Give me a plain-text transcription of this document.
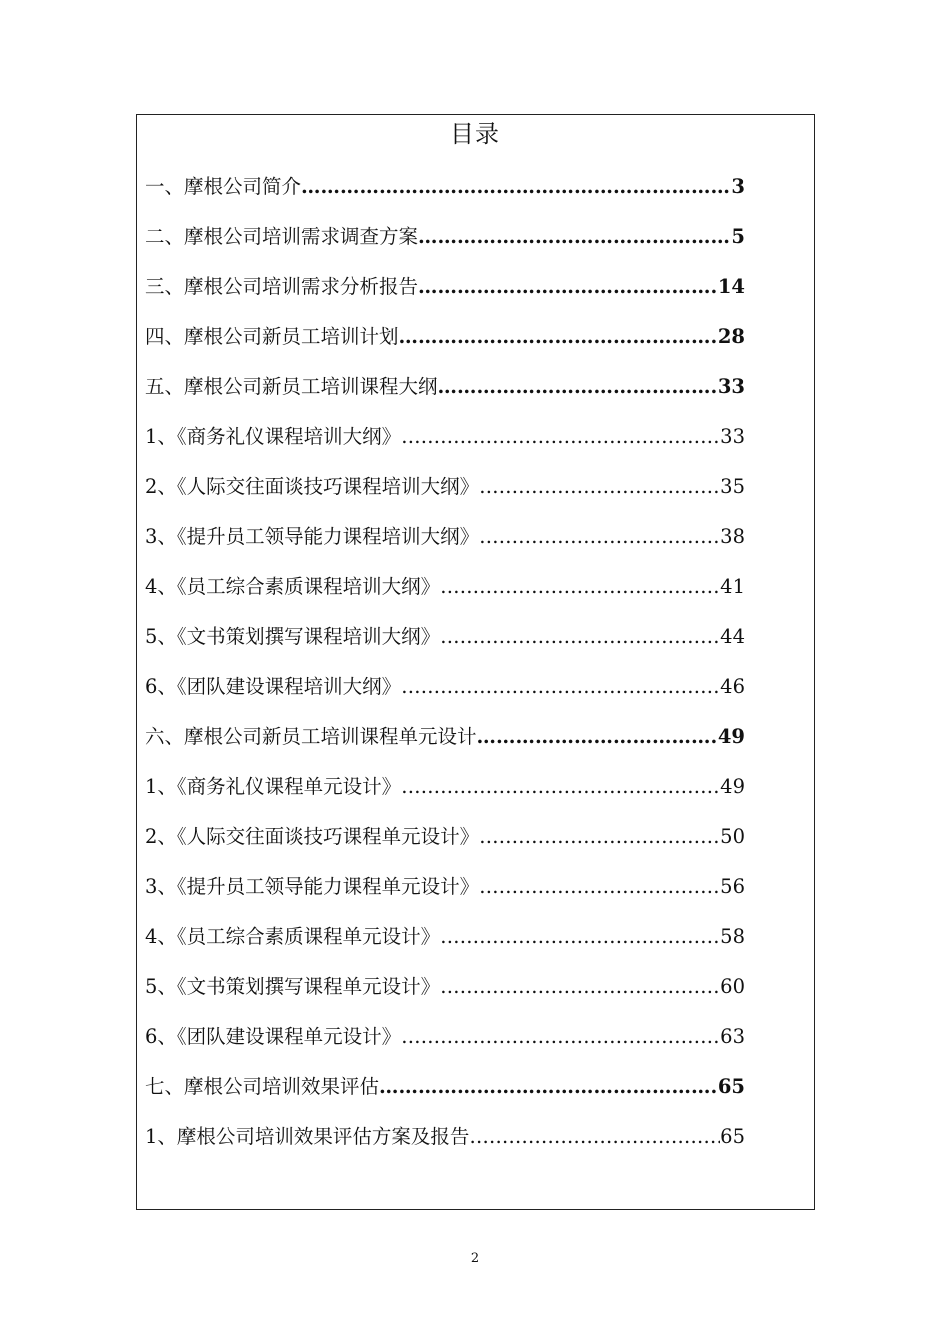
目录
一、摩根公司简介 ……………………………………………………………………………………………………………………………………………	3
二、摩根公司培训需求调查方案 ……………………………………………………………………………………………………………………………………………	5
三、摩根公司培训需求分析报告 ……………………………………………………………………………………………………………………………………………	14
四、摩根公司新员工培训计划 ……………………………………………………………………………………………………………………………………………	28
五、摩根公司新员工培训课程大纲 ……………………………………………………………………………………………………………………………………………	33
1、《商务礼仪课程培训大纲》 ……………………………………………………………………………………………………………………………………………	33
2、《人际交往面谈技巧课程培训大纲》 ……………………………………………………………………………………………………………………………………………	35
3、《提升员工领导能力课程培训大纲》 ……………………………………………………………………………………………………………………………………………	38
4、《员工综合素质课程培训大纲》 ……………………………………………………………………………………………………………………………………………	41
5、《文书策划撰写课程培训大纲》 ……………………………………………………………………………………………………………………………………………	44
6、《团队建设课程培训大纲》 ……………………………………………………………………………………………………………………………………………	46
六、摩根公司新员工培训课程单元设计 ……………………………………………………………………………………………………………………………………………	49
1、《商务礼仪课程单元设计》 ……………………………………………………………………………………………………………………………………………	49
2、《人际交往面谈技巧课程单元设计》 ……………………………………………………………………………………………………………………………………………	50
3、《提升员工领导能力课程单元设计》 ……………………………………………………………………………………………………………………………………………	56
4、《员工综合素质课程单元设计》 ……………………………………………………………………………………………………………………………………………	58
5、《文书策划撰写课程单元设计》 ……………………………………………………………………………………………………………………………………………	60
6、《团队建设课程单元设计》 ……………………………………………………………………………………………………………………………………………	63
七、摩根公司培训效果评估 ……………………………………………………………………………………………………………………………………………	65
1、摩根公司培训效果评估方案及报告 ……………………………………………………………………………………………………………………………………………	65
2
